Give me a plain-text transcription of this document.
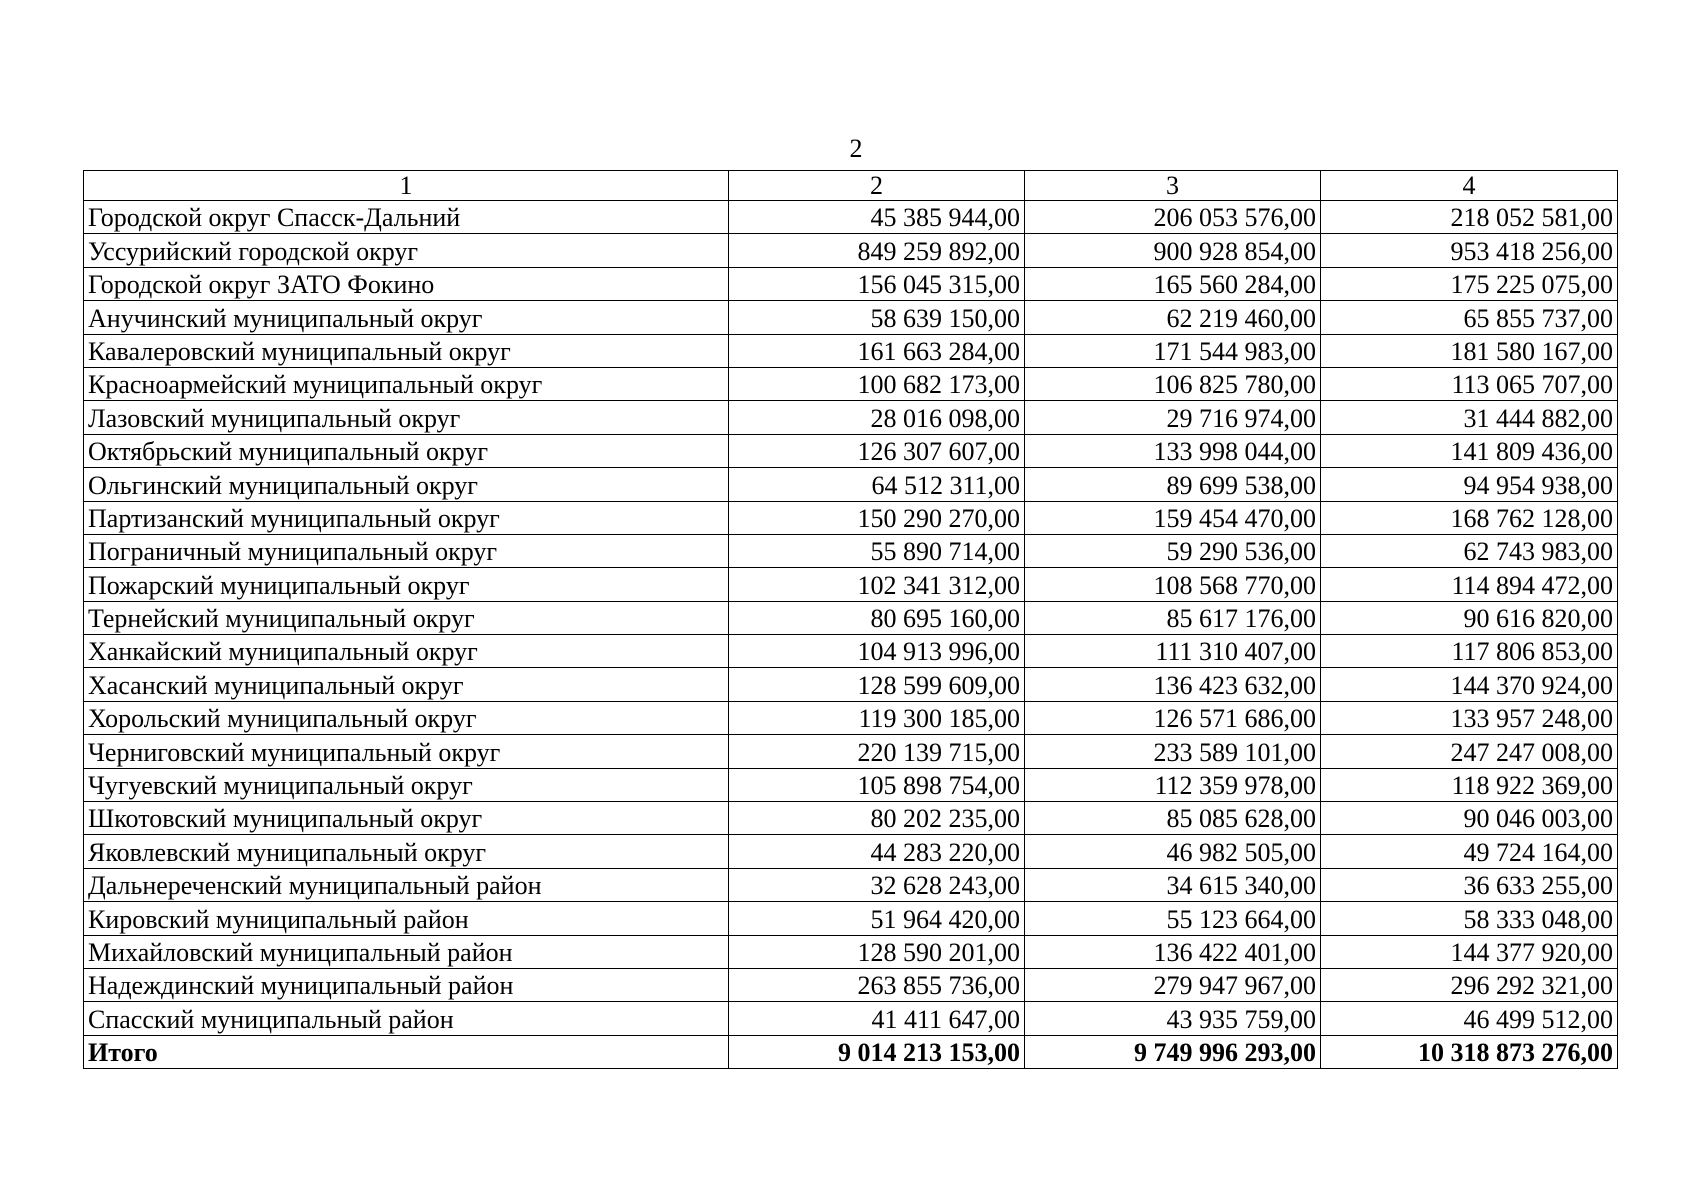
2
1	2	3	4
Городской округ Спасск-Дальний	45 385 944,00	206 053 576,00	218 052 581,00
Уссурийский городской округ	849 259 892,00	900 928 854,00	953 418 256,00
Городской округ ЗАТО Фокино	156 045 315,00	165 560 284,00	175 225 075,00
Анучинский муниципальный округ	58 639 150,00	62 219 460,00	65 855 737,00
Кавалеровский муниципальный округ	161 663 284,00	171 544 983,00	181 580 167,00
Красноармейский муниципальный округ	100 682 173,00	106 825 780,00	113 065 707,00
Лазовский муниципальный округ	28 016 098,00	29 716 974,00	31 444 882,00
Октябрьский муниципальный округ	126 307 607,00	133 998 044,00	141 809 436,00
Ольгинский муниципальный округ	64 512 311,00	89 699 538,00	94 954 938,00
Партизанский муниципальный округ	150 290 270,00	159 454 470,00	168 762 128,00
Пограничный муниципальный округ	55 890 714,00	59 290 536,00	62 743 983,00
Пожарский муниципальный округ	102 341 312,00	108 568 770,00	114 894 472,00
Тернейский муниципальный округ	80 695 160,00	85 617 176,00	90 616 820,00
Ханкайский муниципальный округ	104 913 996,00	111 310 407,00	117 806 853,00
Хасанский муниципальный округ	128 599 609,00	136 423 632,00	144 370 924,00
Хорольский муниципальный округ	119 300 185,00	126 571 686,00	133 957 248,00
Черниговский муниципальный округ	220 139 715,00	233 589 101,00	247 247 008,00
Чугуевский муниципальный округ	105 898 754,00	112 359 978,00	118 922 369,00
Шкотовский муниципальный округ	80 202 235,00	85 085 628,00	90 046 003,00
Яковлевский муниципальный округ	44 283 220,00	46 982 505,00	49 724 164,00
Дальнереченский муниципальный район	32 628 243,00	34 615 340,00	36 633 255,00
Кировский муниципальный район	51 964 420,00	55 123 664,00	58 333 048,00
Михайловский муниципальный район	128 590 201,00	136 422 401,00	144 377 920,00
Надеждинский муниципальный район	263 855 736,00	279 947 967,00	296 292 321,00
Спасский муниципальный район	41 411 647,00	43 935 759,00	46 499 512,00
Итого	9 014 213 153,00	9 749 996 293,00	10 318 873 276,00
